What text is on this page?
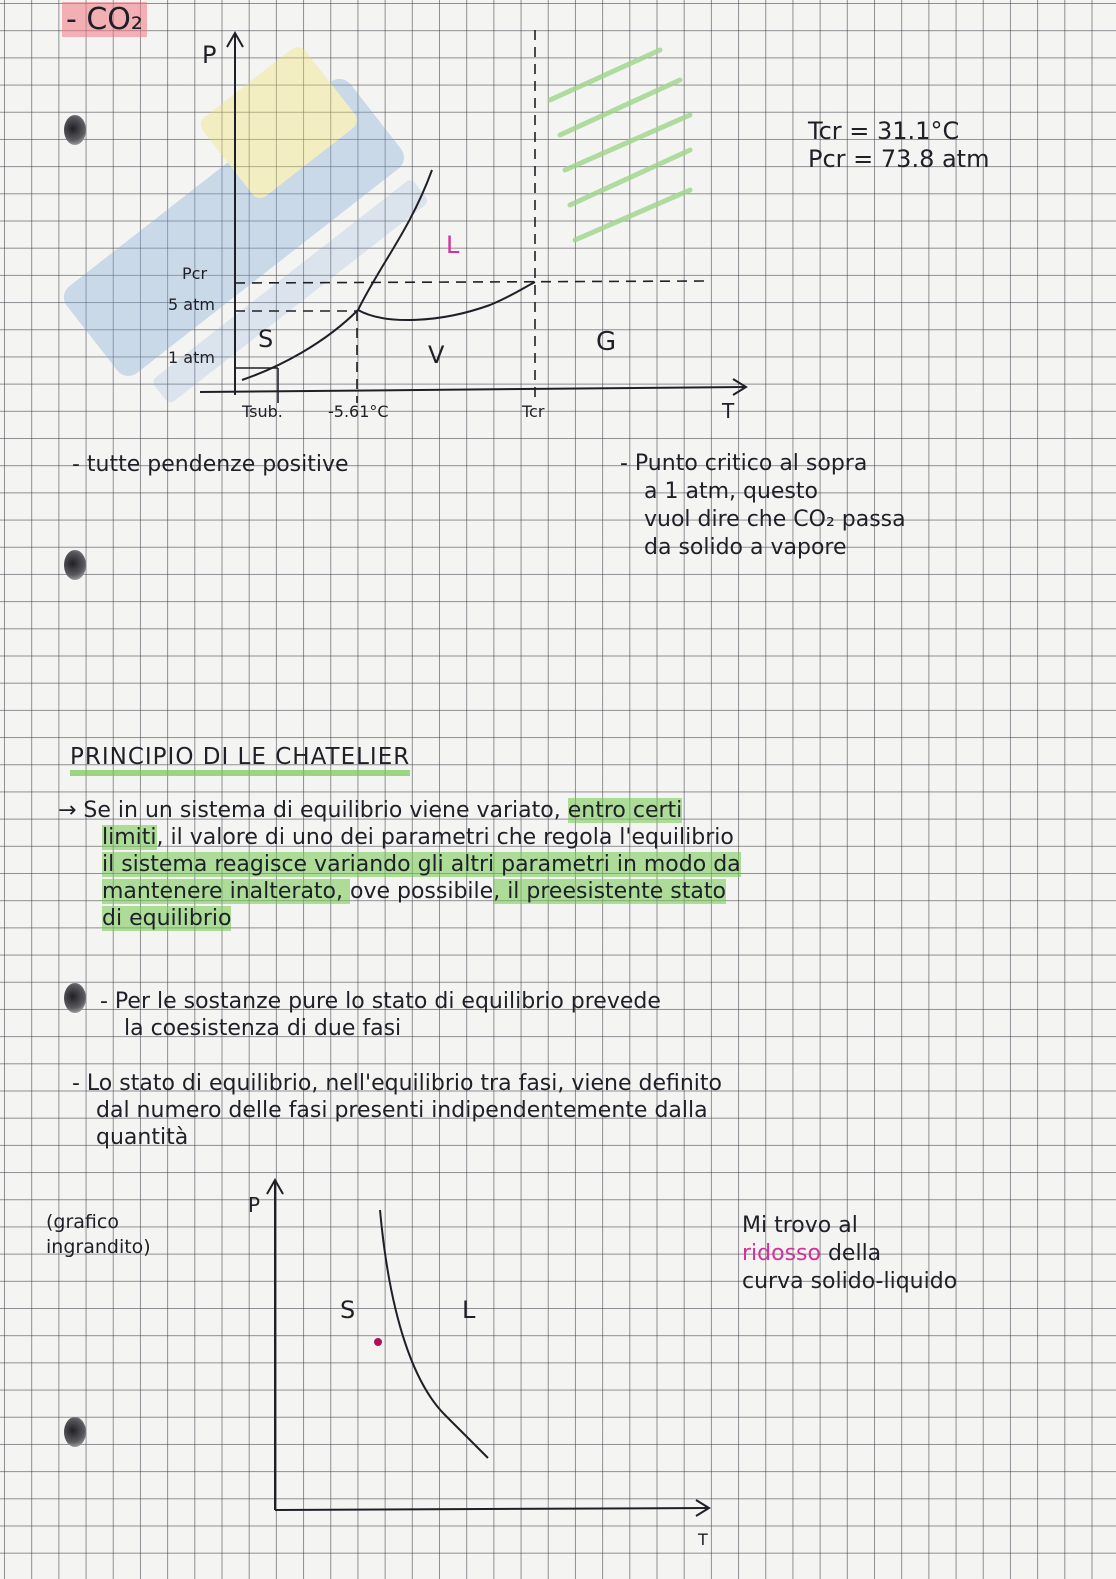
- CO₂
P
T
Pcr
5 atm
1 atm
Tsub.	-5.61°C	Tcr
S
L
V	G
Tcr = 31.1°C
Pcr = 73.8 atm
- tutte pendenze positive	- Punto critico al sopra
a 1 atm, questo
vuol dire che CO₂ passa
da solido a vapore
PRINCIPIO DI LE CHATELIER
→ Se in un sistema di equilibrio viene variato, entro certi
limiti, il valore di uno dei parametri che regola l'equilibrio
il sistema reagisce variando gli altri parametri in modo da
mantenere inalterato, ove possibile, il preesistente stato
di equilibrio
- Per le sostanze pure lo stato di equilibrio prevede
la coesistenza di due fasi
- Lo stato di equilibrio, nell'equilibrio tra fasi, viene definito
dal numero delle fasi presenti indipendentemente dalla
quantità
(grafico
ingrandito)
P
T
S	L
Mi trovo al
ridosso della
curva solido-liquido
